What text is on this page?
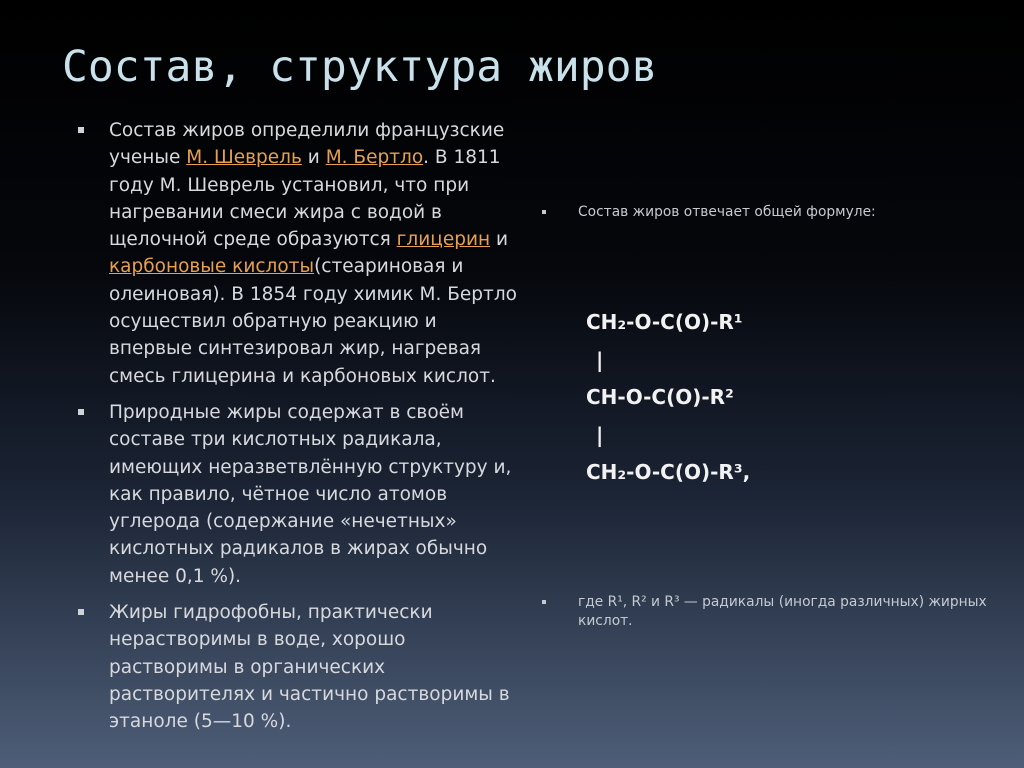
Состав, структура жиров
Состав жиров определили французские ученые М. Шеврель и М. Бертло. В 1811 году М. Шеврель установил, что при нагревании смеси жира с водой в щелочной среде образуются глицерин и карбоновые кислоты(стеариновая и олеиновая). В 1854 году химик М. Бертло осуществил обратную реакцию и впервые синтезировал жир, нагревая смесь глицерина и карбоновых кислот.
Природные жиры содержат в своём составе три кислотных радикала, имеющих неразветвлённую структуру и, как правило, чётное число атомов углерода (содержание «нечетных» кислотных радикалов в жирах обычно менее 0,1 %).
Жиры гидрофобны, практически нерастворимы в воде, хорошо растворимы в органических растворителях и частично растворимы в этаноле (5—10 %).
Состав жиров отвечает общей формуле:
где R¹, R² и R³ — радикалы (иногда различных) жирных кислот.
CH₂-O-C(O)-R¹
|
CH-O-C(O)-R²
|
CH₂-O-C(O)-R³,
